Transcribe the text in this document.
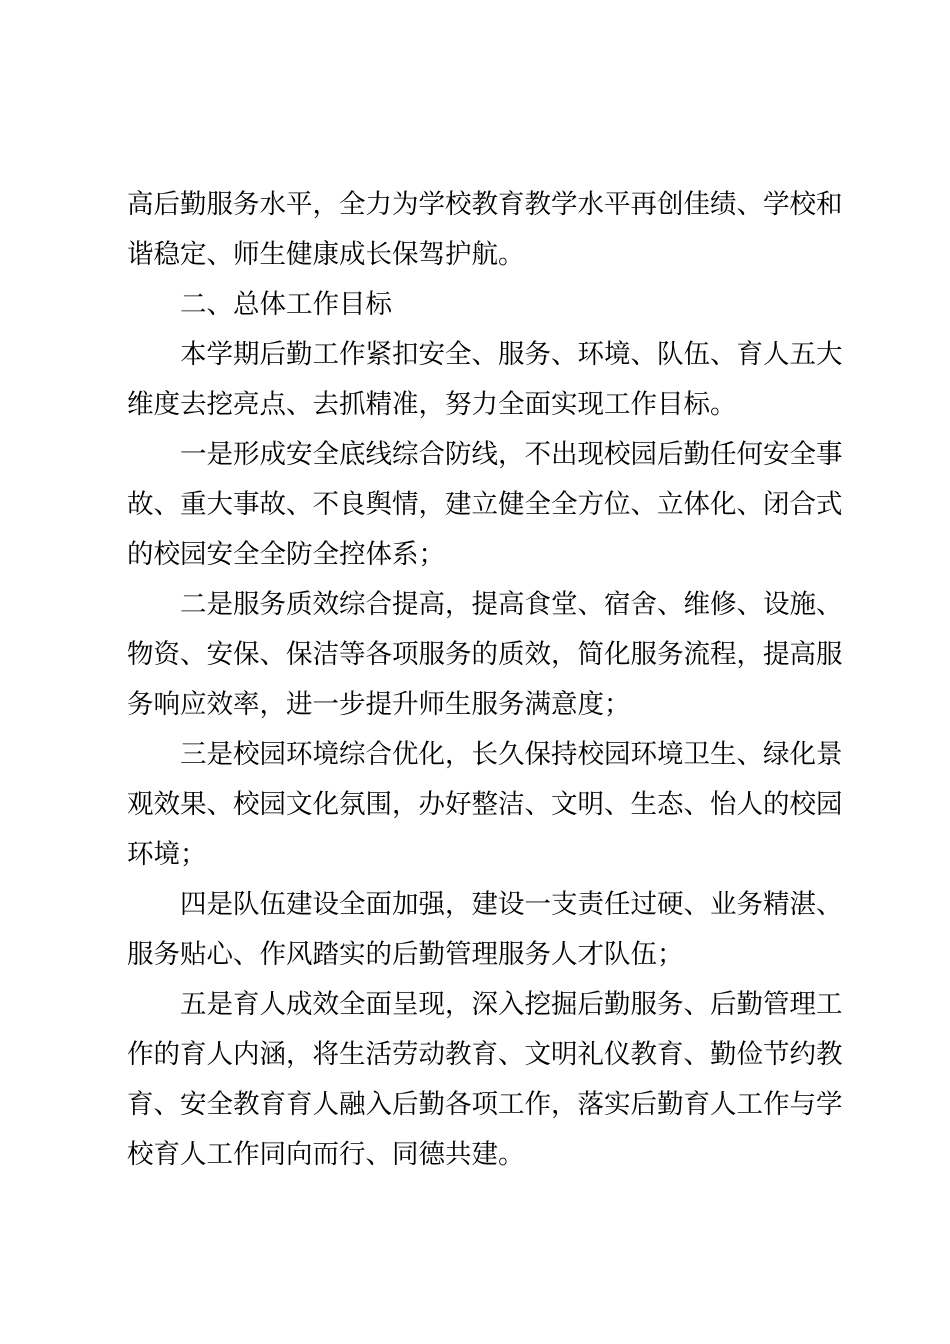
高后勤服务水平，全力为学校教育教学水平再创佳绩、学校和
谐稳定、师生健康成长保驾护航。
二、总体工作目标
本学期后勤工作紧扣安全、服务、环境、队伍、育人五大
维度去挖亮点、去抓精准，努力全面实现工作目标。
一是形成安全底线综合防线，不出现校园后勤任何安全事
故、重大事故、不良舆情，建立健全全方位、立体化、闭合式
的校园安全全防全控体系；
二是服务质效综合提高，提高食堂、宿舍、维修、设施、
物资、安保、保洁等各项服务的质效，简化服务流程，提高服
务响应效率，进一步提升师生服务满意度；
三是校园环境综合优化，长久保持校园环境卫生、绿化景
观效果、校园文化氛围，办好整洁、文明、生态、怡人的校园
环境；
四是队伍建设全面加强，建设一支责任过硬、业务精湛、
服务贴心、作风踏实的后勤管理服务人才队伍；
五是育人成效全面呈现，深入挖掘后勤服务、后勤管理工
作的育人内涵，将生活劳动教育、文明礼仪教育、勤俭节约教
育、安全教育育人融入后勤各项工作，落实后勤育人工作与学
校育人工作同向而行、同德共建。
